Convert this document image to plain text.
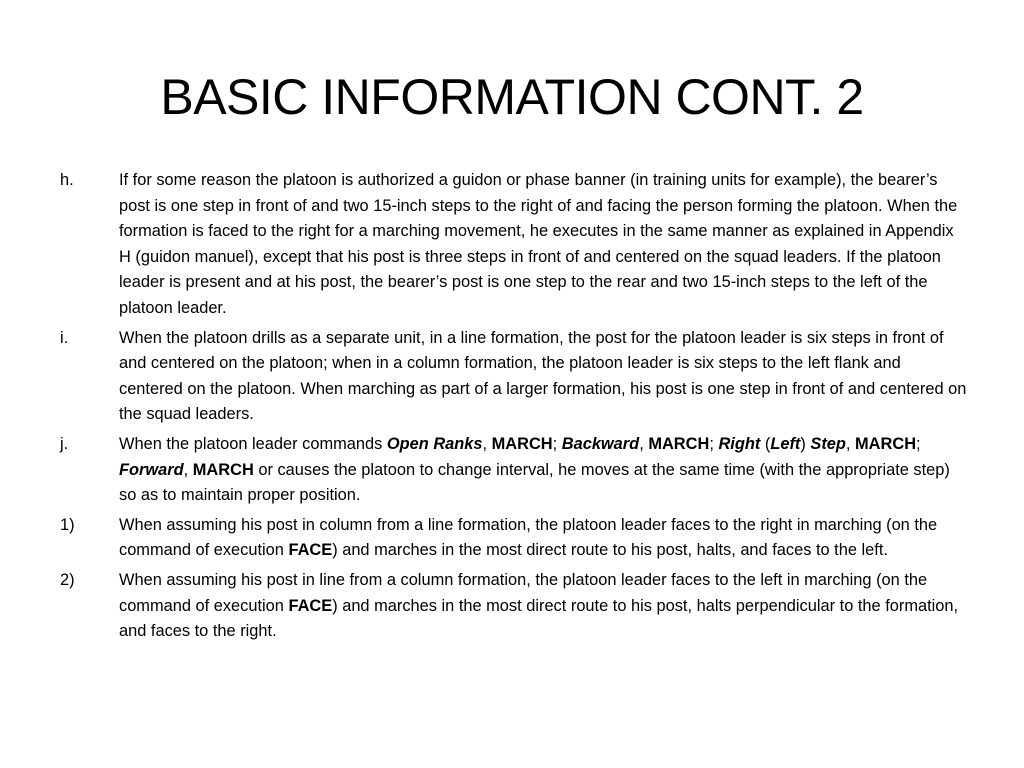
BASIC INFORMATION CONT. 2
h.	If for some reason the platoon is authorized a guidon or phase banner (in training units for example), the bearer’s post is one step in front of and two 15-inch steps to the right of and facing the person forming the platoon. When the formation is faced to the right for a marching movement, he executes in the same manner as explained in Appendix H (guidon manuel), except that his post is three steps in front of and centered on the squad leaders. If the platoon leader is present and at his post, the bearer’s post is one step to the rear and two 15-inch steps to the left of the platoon leader.
i.	When the platoon drills as a separate unit, in a line formation, the post for the platoon leader is six steps in front of and centered on the platoon; when in a column formation, the platoon leader is six steps to the left flank and centered on the platoon. When marching as part of a larger formation, his post is one step in front of and centered on the squad leaders.
j.	When the platoon leader commands Open Ranks, MARCH; Backward, MARCH; Right (Left) Step, MARCH; Forward, MARCH or causes the platoon to change interval, he moves at the same time (with the appropriate step) so as to maintain proper position.
1)	When assuming his post in column from a line formation, the platoon leader faces to the right in marching (on the command of execution FACE) and marches in the most direct route to his post, halts, and faces to the left.
2)	When assuming his post in line from a column formation, the platoon leader faces to the left in marching (on the command of execution FACE) and marches in the most direct route to his post, halts perpendicular to the formation, and faces to the right.
